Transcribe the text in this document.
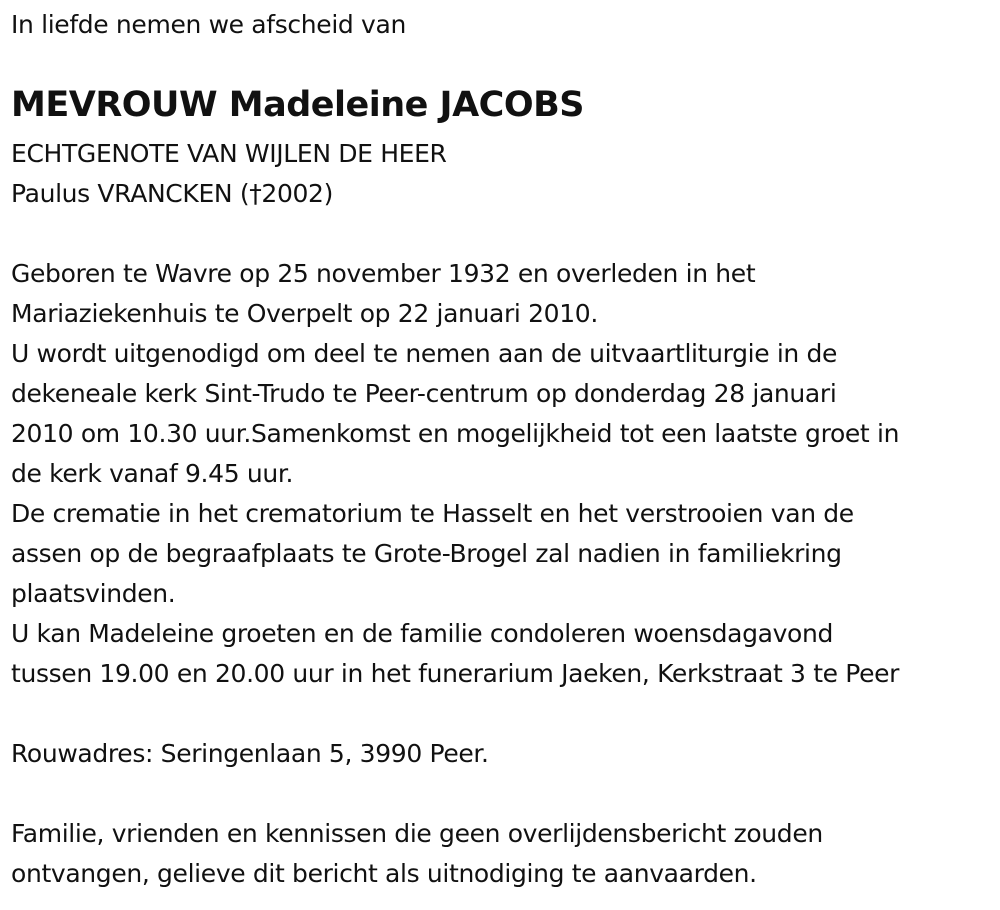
In liefde nemen we afscheid van
MEVROUW Madeleine JACOBS
ECHTGENOTE VAN WIJLEN DE HEER
Paulus VRANCKEN (†2002)
Geboren te Wavre op 25 november 1932 en overleden in het
Mariaziekenhuis te Overpelt op 22 januari 2010.
U wordt uitgenodigd om deel te nemen aan de uitvaartliturgie in de
dekeneale kerk Sint-Trudo te Peer-centrum op donderdag 28 januari
2010 om 10.30 uur.Samenkomst en mogelijkheid tot een laatste groet in
de kerk vanaf 9.45 uur.
De crematie in het crematorium te Hasselt en het verstrooien van de
assen op de begraafplaats te Grote-Brogel zal nadien in familiekring
plaatsvinden.
U kan Madeleine groeten en de familie condoleren woensdagavond
tussen 19.00 en 20.00 uur in het funerarium Jaeken, Kerkstraat 3 te Peer
Rouwadres: Seringenlaan 5, 3990 Peer.
Familie, vrienden en kennissen die geen overlijdensbericht zouden
ontvangen, gelieve dit bericht als uitnodiging te aanvaarden.
